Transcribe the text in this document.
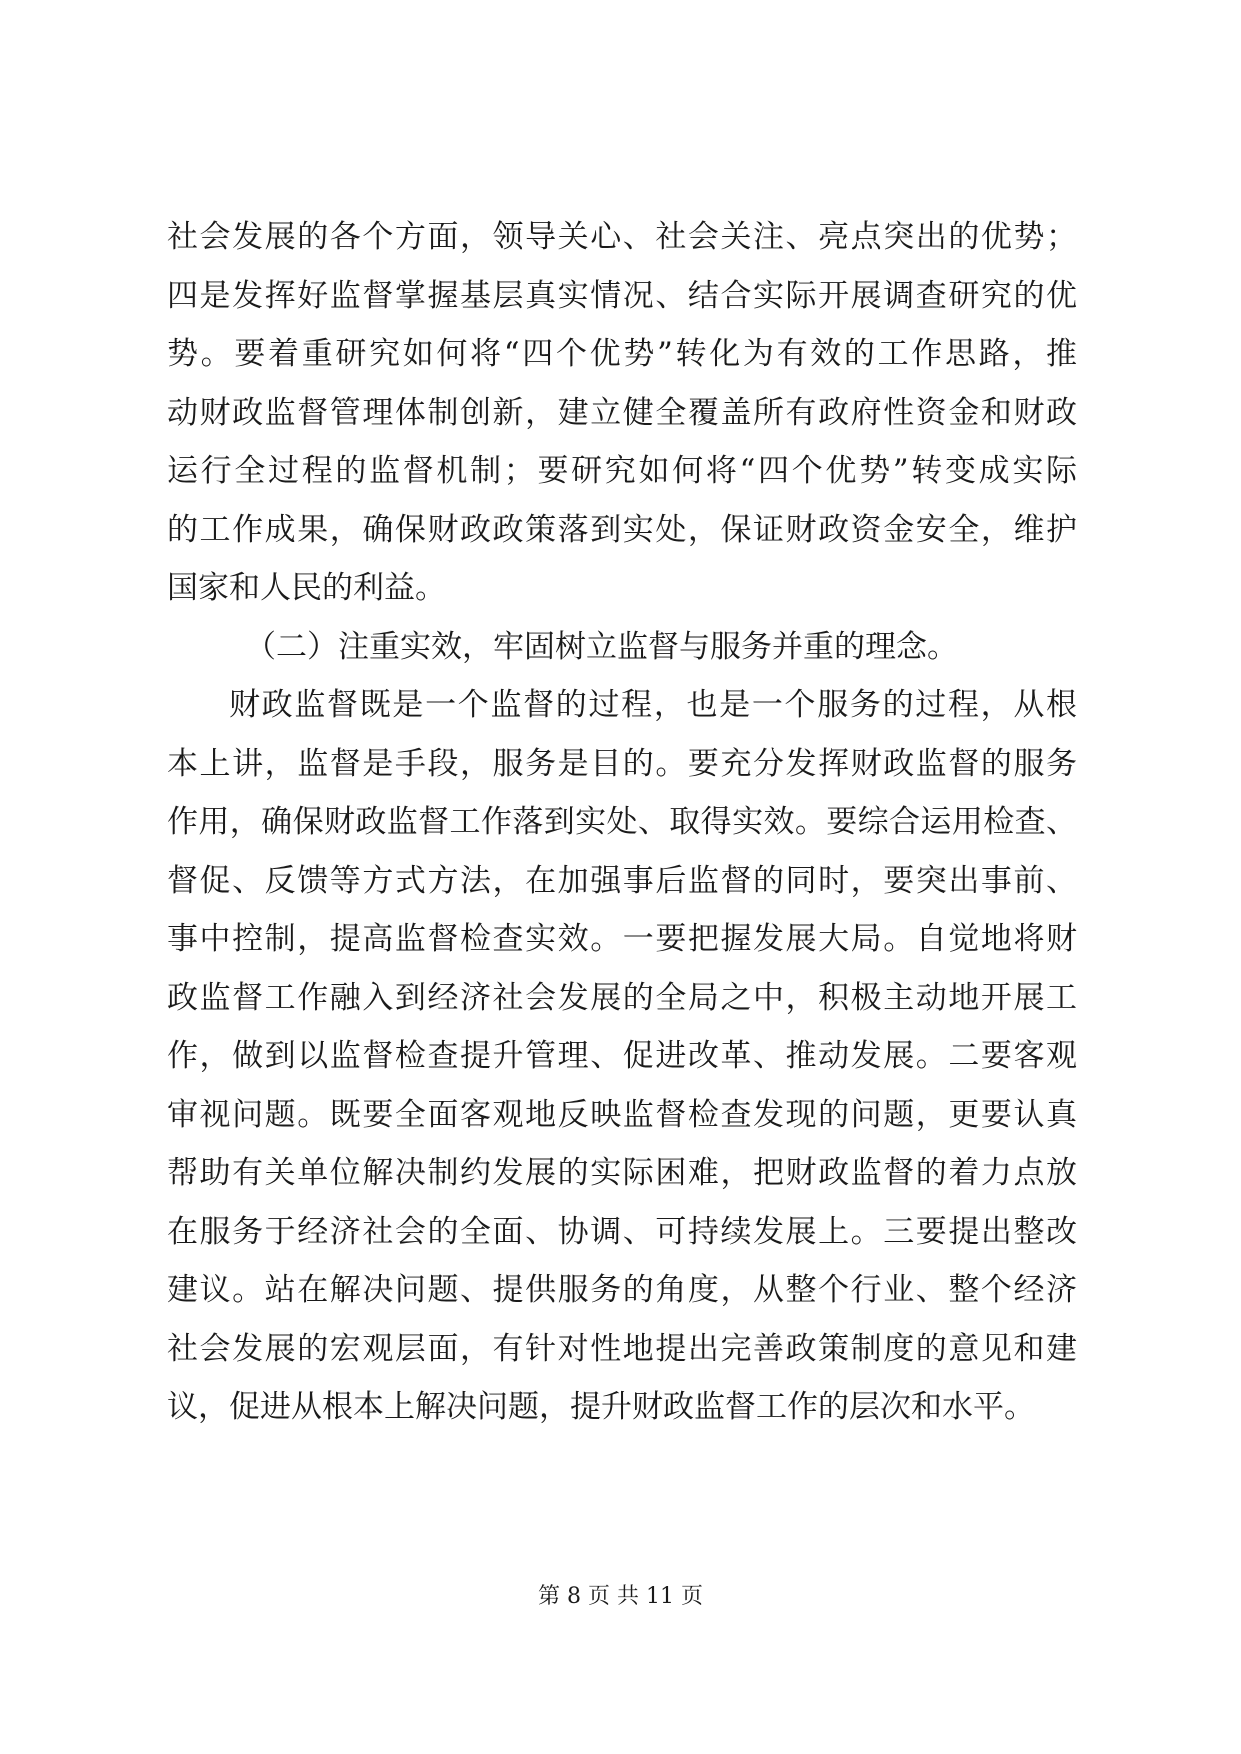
社会发展的各个方面，领导关心、社会关注、亮点突出的优势；
四是发挥好监督掌握基层真实情况、结合实际开展调查研究的优
势。要着重研究如何将“四个优势”转化为有效的工作思路，推
动财政监督管理体制创新，建立健全覆盖所有政府性资金和财政
运行全过程的监督机制；要研究如何将“四个优势”转变成实际
的工作成果，确保财政政策落到实处，保证财政资金安全，维护
国家和人民的利益。
（二）注重实效，牢固树立监督与服务并重的理念。
财政监督既是一个监督的过程，也是一个服务的过程，从根
本上讲，监督是手段，服务是目的。要充分发挥财政监督的服务
作用，确保财政监督工作落到实处、取得实效。要综合运用检查、
督促、反馈等方式方法，在加强事后监督的同时，要突出事前、
事中控制，提高监督检查实效。一要把握发展大局。自觉地将财
政监督工作融入到经济社会发展的全局之中，积极主动地开展工
作，做到以监督检查提升管理、促进改革、推动发展。二要客观
审视问题。既要全面客观地反映监督检查发现的问题，更要认真
帮助有关单位解决制约发展的实际困难，把财政监督的着力点放
在服务于经济社会的全面、协调、可持续发展上。三要提出整改
建议。站在解决问题、提供服务的角度，从整个行业、整个经济
社会发展的宏观层面，有针对性地提出完善政策制度的意见和建
议，促进从根本上解决问题，提升财政监督工作的层次和水平。
第 8 页 共 11 页
